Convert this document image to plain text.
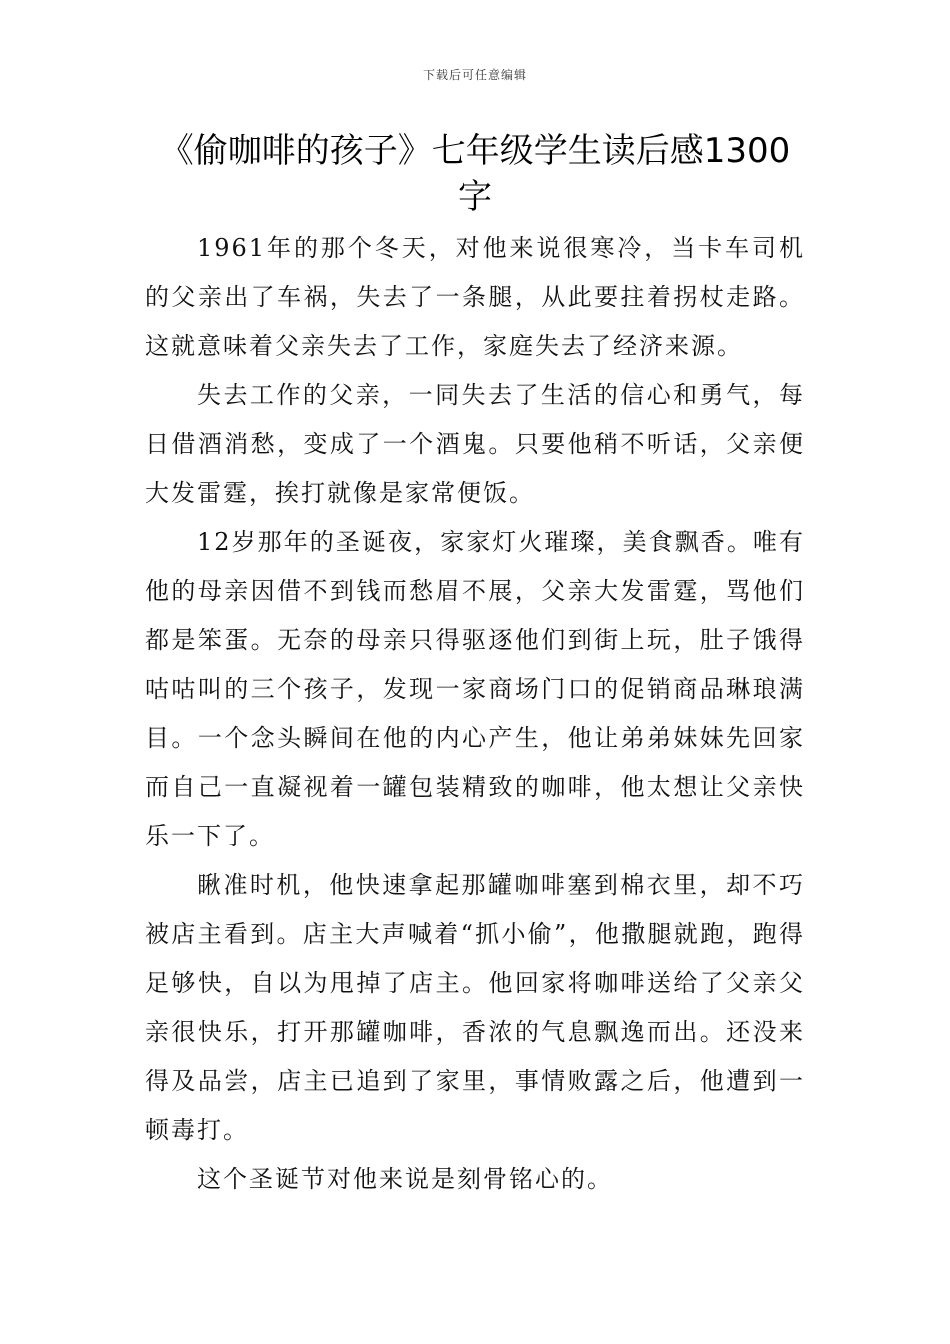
下载后可任意编辑
《偷咖啡的孩子》七年级学生读后感1300字

1961年的那个冬天，对他来说很寒冷，当卡车司机的父亲出了车祸，失去了一条腿，从此要拄着拐杖走路。这就意味着父亲失去了工作，家庭失去了经济来源。

失去工作的父亲，一同失去了生活的信心和勇气，每日借酒消愁，变成了一个酒鬼。只要他稍不听话，父亲便大发雷霆，挨打就像是家常便饭。

12岁那年的圣诞夜，家家灯火璀璨，美食飘香。唯有他的母亲因借不到钱而愁眉不展，父亲大发雷霆，骂他们都是笨蛋。无奈的母亲只得驱逐他们到街上玩，肚子饿得咕咕叫的三个孩子，发现一家商场门口的促销商品琳琅满目。一个念头瞬间在他的内心产生，他让弟弟妹妹先回家而自己一直凝视着一罐包装精致的咖啡，他太想让父亲快乐一下了。

瞅准时机，他快速拿起那罐咖啡塞到棉衣里，却不巧被店主看到。店主大声喊着“抓小偷”，他撒腿就跑，跑得足够快，自以为甩掉了店主。他回家将咖啡送给了父亲父亲很快乐，打开那罐咖啡，香浓的气息飘逸而出。还没来得及品尝，店主已追到了家里，事情败露之后，他遭到一顿毒打。

这个圣诞节对他来说是刻骨铭心的。
